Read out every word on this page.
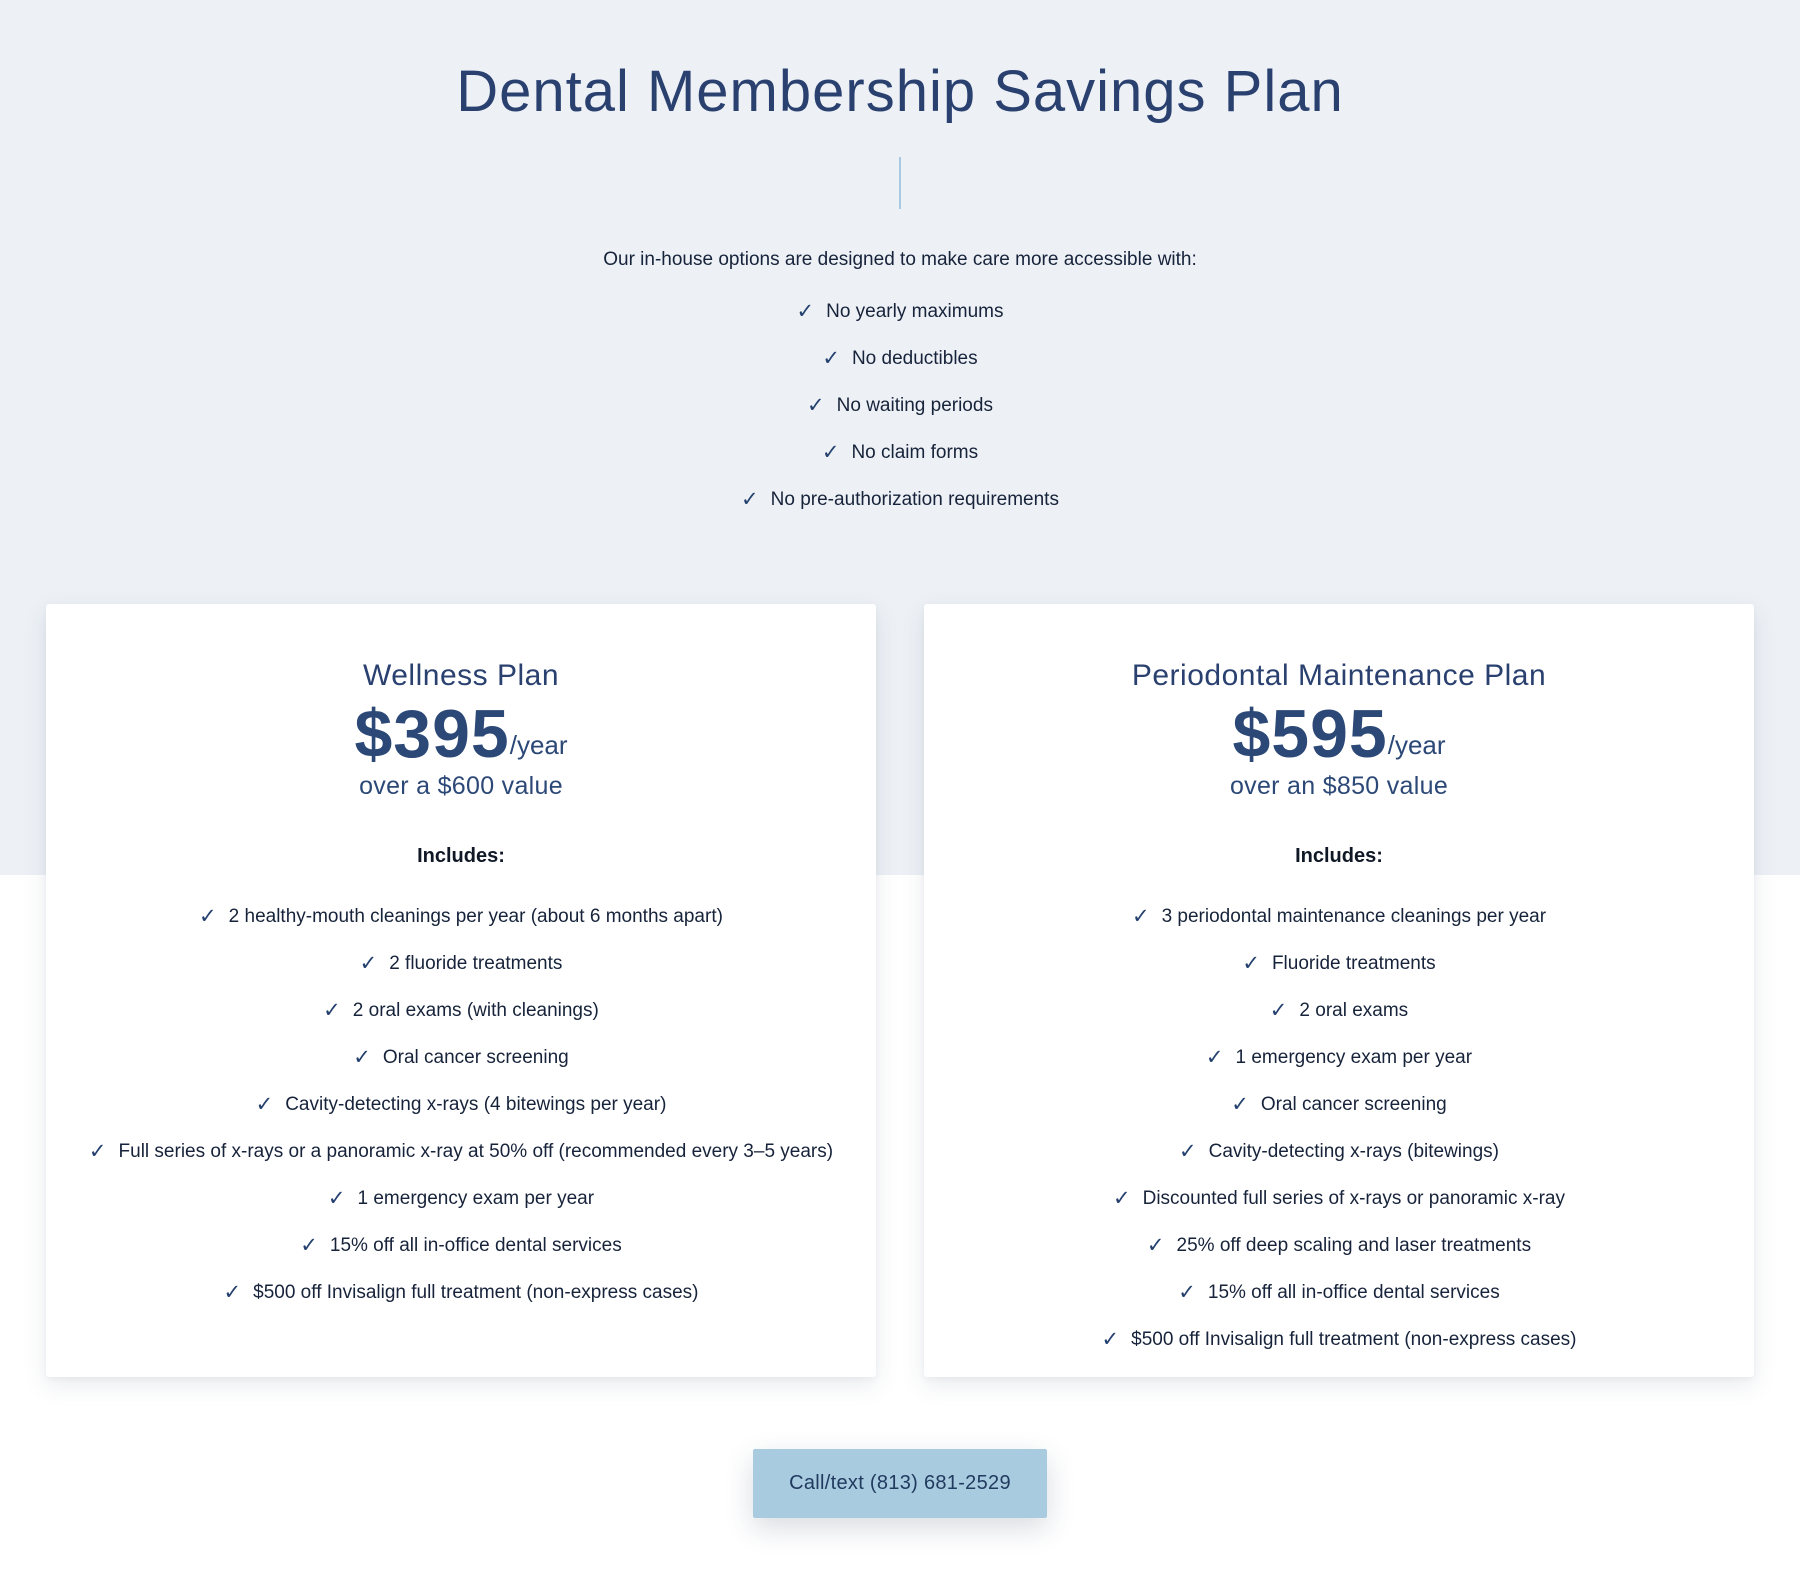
Dental Membership Savings Plan

Our in-house options are designed to make care more accessible with:

✓ No yearly maximums
✓ No deductibles
✓ No waiting periods
✓ No claim forms
✓ No pre-authorization requirements
Wellness Plan
$395 /year
over a $600 value
Includes:
✓ 2 healthy-mouth cleanings per year (about 6 months apart)
✓ 2 fluoride treatments
✓ 2 oral exams (with cleanings)
✓ Oral cancer screening
✓ Cavity-detecting x-rays (4 bitewings per year)
✓ Full series of x-rays or a panoramic x-ray at 50% off (recommended every 3–5 years)
✓ 1 emergency exam per year
✓ 15% off all in-office dental services
✓ $500 off Invisalign full treatment (non-express cases)
Periodontal Maintenance Plan
$595 /year
over an $850 value
Includes:
✓ 3 periodontal maintenance cleanings per year
✓ Fluoride treatments
✓ 2 oral exams
✓ 1 emergency exam per year
✓ Oral cancer screening
✓ Cavity-detecting x-rays (bitewings)
✓ Discounted full series of x-rays or panoramic x-ray
✓ 25% off deep scaling and laser treatments
✓ 15% off all in-office dental services
✓ $500 off Invisalign full treatment (non-express cases)
Call/text (813) 681-2529
